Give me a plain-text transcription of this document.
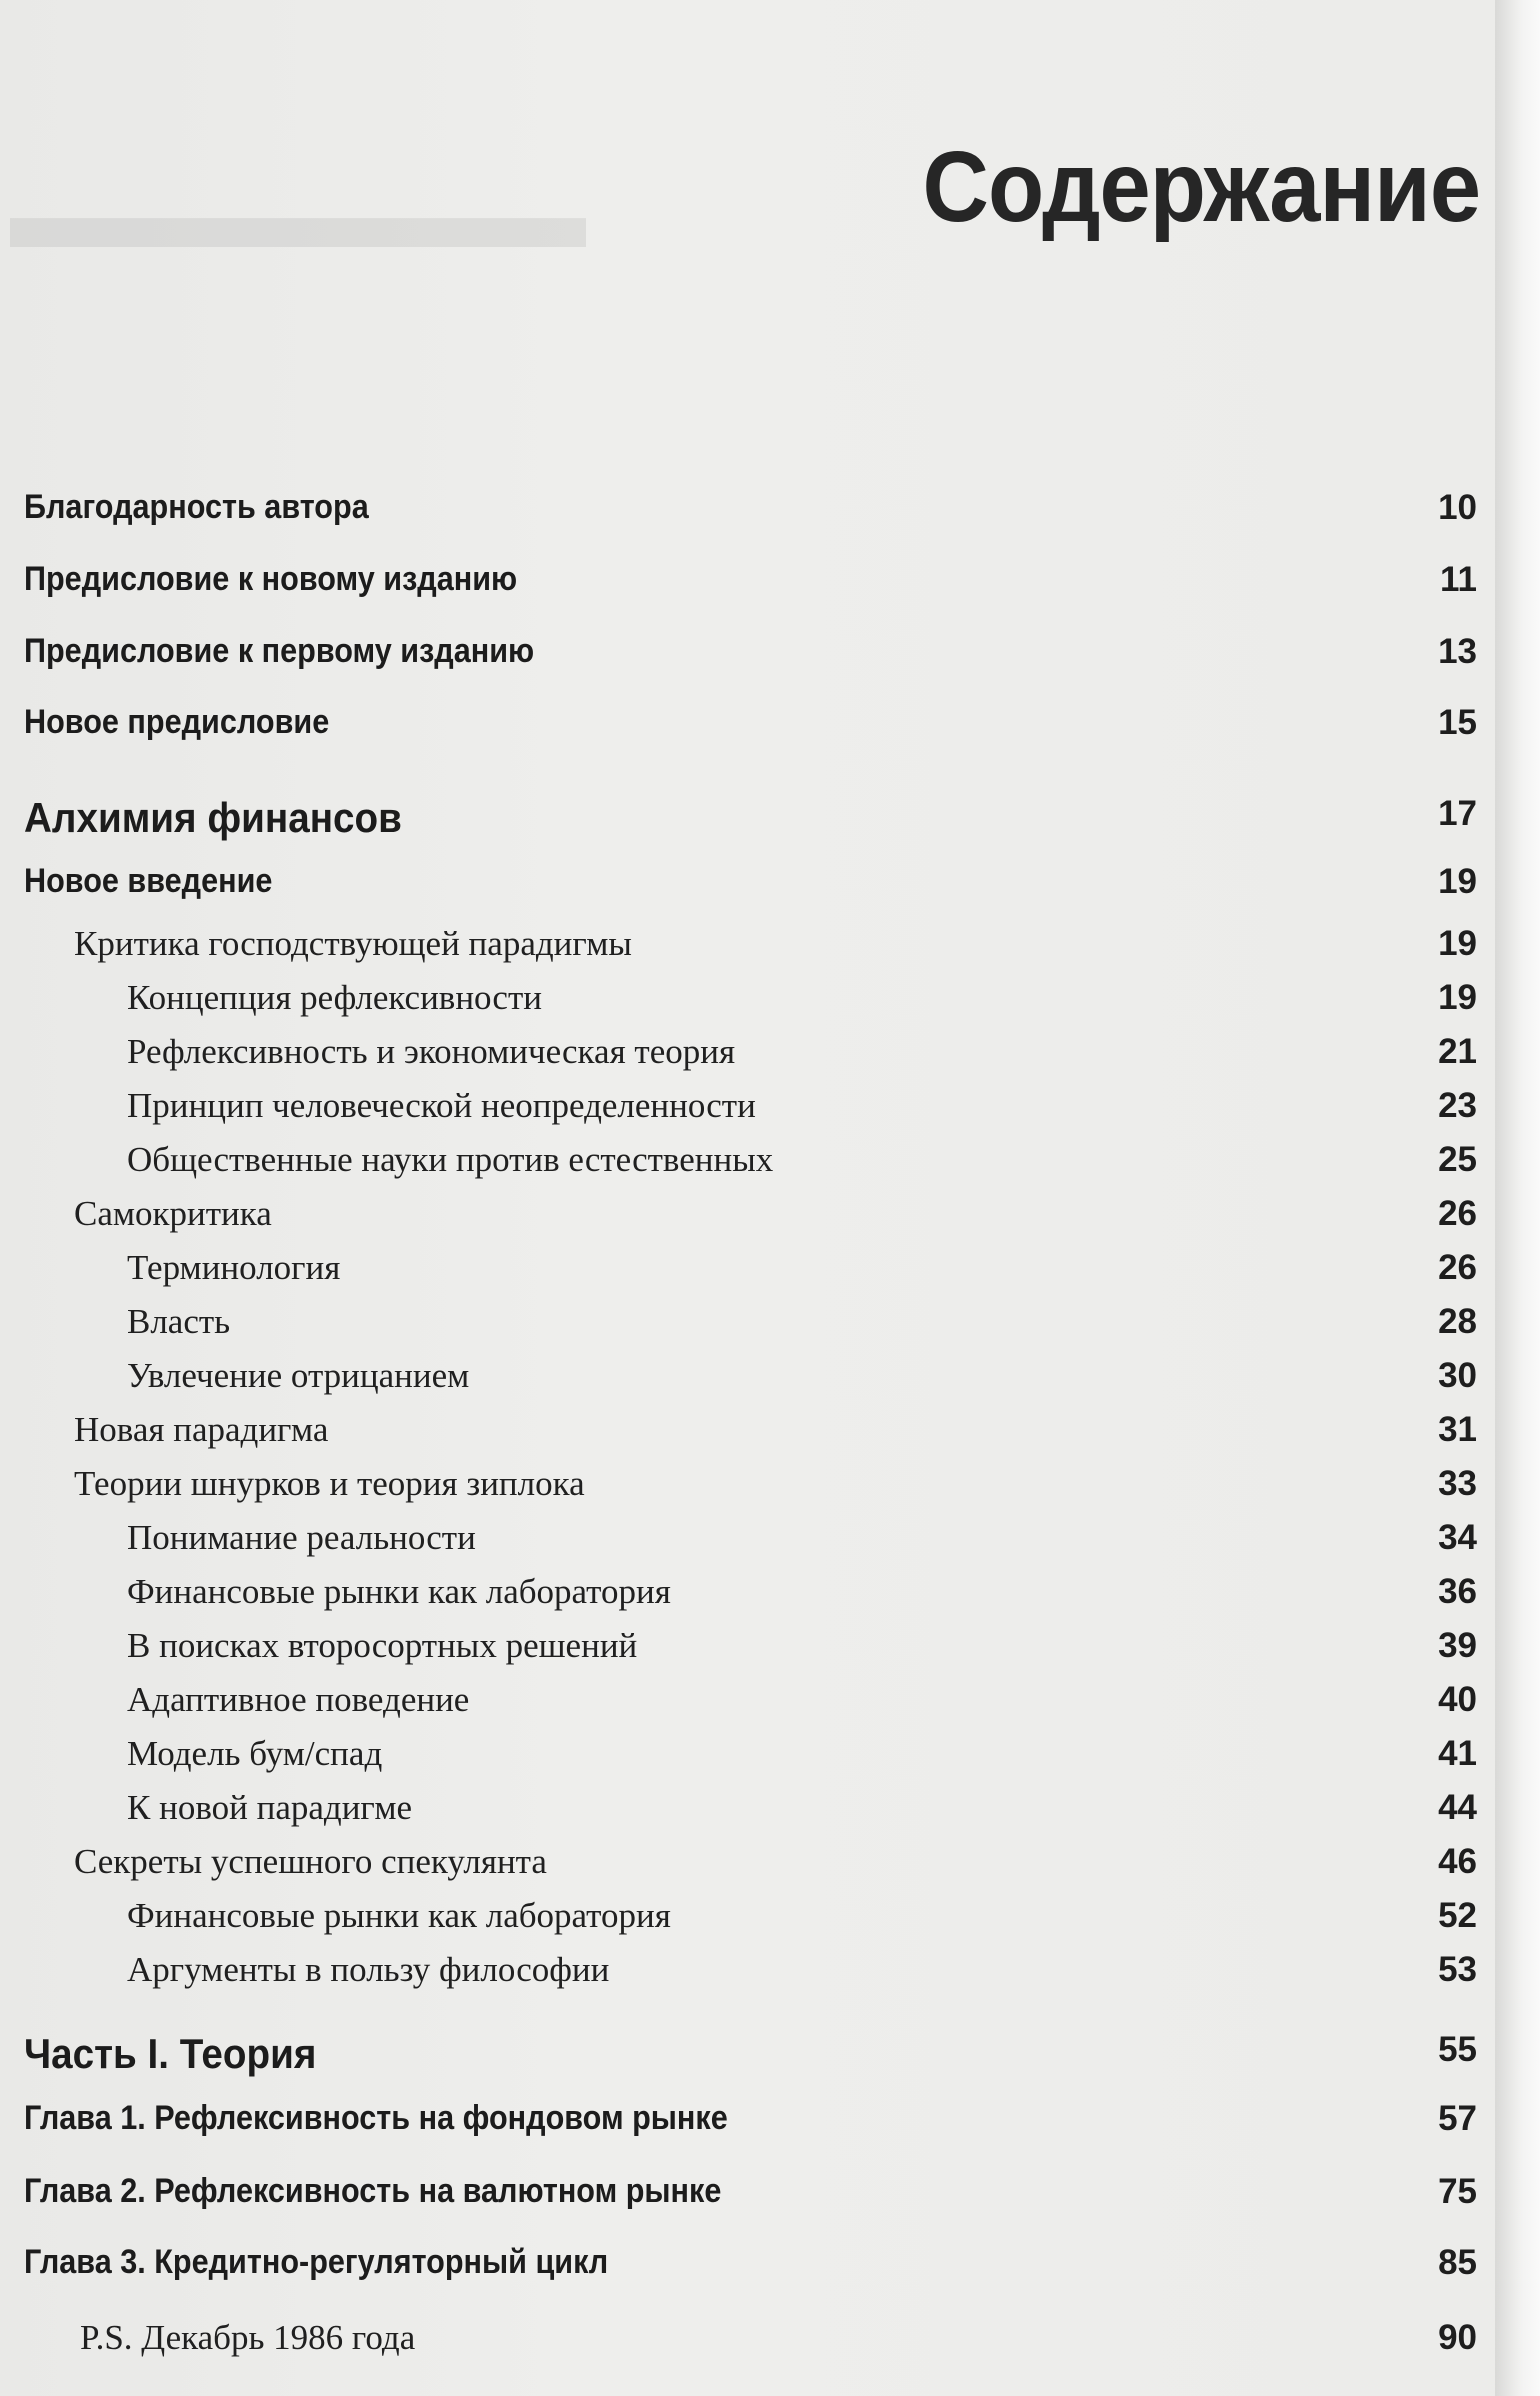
▬▬▬▬▬▬	Содержание
Благодарность автора	10
Предисловие к новому изданию	11
Предисловие к первому изданию	13
Новое предисловие	15
Алхимия финансов	17
Новое введение	19
Критика господствующей парадигмы	19
Концепция рефлексивности	19
Рефлексивность и экономическая теория	21
Принцип человеческой неопределенности	23
Общественные науки против естественных	25
Самокритика	26
Терминология	26
Власть	28
Увлечение отрицанием	30
Новая парадигма	31
Теории шнурков и теория зиплока	33
Понимание реальности	34
Финансовые рынки как лаборатория	36
В поисках второсортных решений	39
Адаптивное поведение	40
Модель бум/спад	41
К новой парадигме	44
Секреты успешного спекулянта	46
Финансовые рынки как лаборатория	52
Аргументы в пользу философии	53
Часть I. Теория	55
Глава 1. Рефлексивность на фондовом рынке	57
Глава 2. Рефлексивность на валютном рынке	75
Глава 3. Кредитно-регуляторный цикл	85
P.S. Декабрь 1986 года	90
